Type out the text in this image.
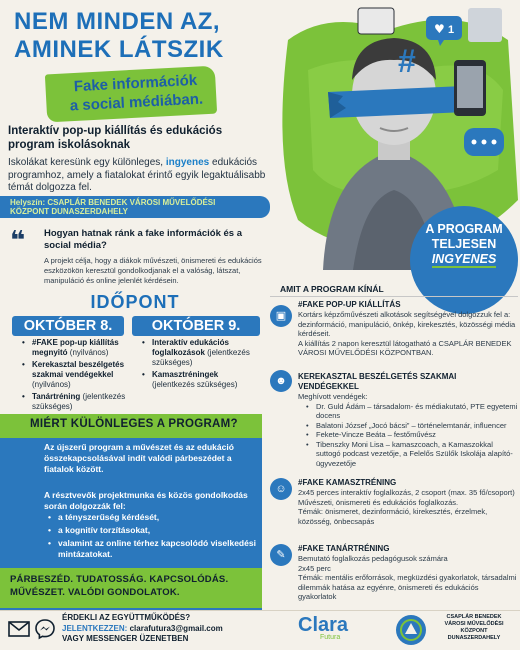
NEM MINDEN AZ,
AMINEK LÁTSZIK
Fake információk
a social médiában.
Interaktív pop-up kiállítás és edukációs
program iskolásoknak
Iskolákat keresünk egy különleges, ingyenes edukációs programhoz, amely a fiatalokat érintő egyik legaktuálisabb témát dolgozza fel.
Helyszín: CSAPLÁR BENEDEK VÁROSI MŰVELŐDÉSI
KÖZPONT DUNASZERDAHELY
❝ Hogyan hatnak ránk a fake információk és a social média?
A projekt célja, hogy a diákok művészeti, önismereti és edukációs eszközökön keresztül gondolkodjanak el a valóság, látszat, manipuláció és online jelenlét kérdésein.
IDŐPONT
OKTÓBER 8.	OKTÓBER 9.
• #FAKE pop-up kiállítás megnyitó (nyilvános)
• Kerekasztal beszélgetés szakmai vendégekkel (nyilvános)
• Tanártréning (jelentkezés szükséges)
• Interaktív edukációs foglalkozások (jelentkezés szükséges)
• Kamasztréningek (jelentkezés szükséges)
MIÉRT KÜLÖNLEGES A PROGRAM?
Az újszerű program a művészet és az edukáció összekapcsolásával indít valódi párbeszédet a fiatalok között.
A résztvevők projektmunka és közös gondolkodás során dolgozzák fel:
• a tényszerűség kérdését,
• a kognitív torzításokat,
• valamint az online térhez kapcsolódó viselkedési mintázatokat.
PÁRBESZÉD. TUDATOSSÁG. KAPCSOLÓDÁS.
MŰVÉSZET. VALÓDI GONDOLATOK.
♥ 1
#
A PROGRAM
TELJESEN
INGYENES
AMIT A PROGRAM KÍNÁL
▣
#FAKE POP-UP KIÁLLÍTÁS
Kortárs képzőművészeti alkotások segítségével dolgozzuk fel a: dezinformáció, manipuláció, önkép, kirekesztés, közösségi média kérdéseit.
A kiállítás 2 napon keresztül látogatható a CSAPLÁR BENEDEK VÁROSI MŰVELŐDÉSI KÖZPONTBAN.
☻	KEREKASZTAL BESZÉLGETÉS SZAKMAI VENDÉGEKKEL
Meghívott vendégek:
• Dr. Guld Ádám – társadalom- és médiakutató, PTE egyetemi docens
• Balatoni József „Jocó bácsi” – történelemtanár, influencer
• Fekete-Vincze Beáta – festőművész
• Tibenszky Moni Lisa – kamaszcoach, a Kamaszokkal suttogó podcast vezetője, a Felelős Szülők Iskolája alapító-ügyvezetője
☺
#FAKE KAMASZTRÉNING
2x45 perces interaktív foglalkozás, 2 csoport (max. 35 fő/csoport)
Művészeti, önismereti és edukációs foglalkozás.
Témák: önismeret, dezinformáció, kirekesztés, érzelmek, közösség, önbecsapás
✎
#FAKE TANÁRTRÉNING
Bemutató foglalkozás pedagógusok számára
2x45 perc
Témák: mentális erőforrások, megküzdési gyakorlatok, társadalmi dilemmák hatása az egyénre, önismereti és edukációs gyakorlatok
ÉRDEKLI AZ EGYÜTTMŰKÖDÉS?
JELENTKEZZEN: clarafutura3@gmail.com
VAGY MESSENGER ÜZENETBEN
Clara
Futura
CSAPLÁR BENEDEK
VÁROSI MŰVELŐDÉSI
KÖZPONT
DUNASZERDAHELY
